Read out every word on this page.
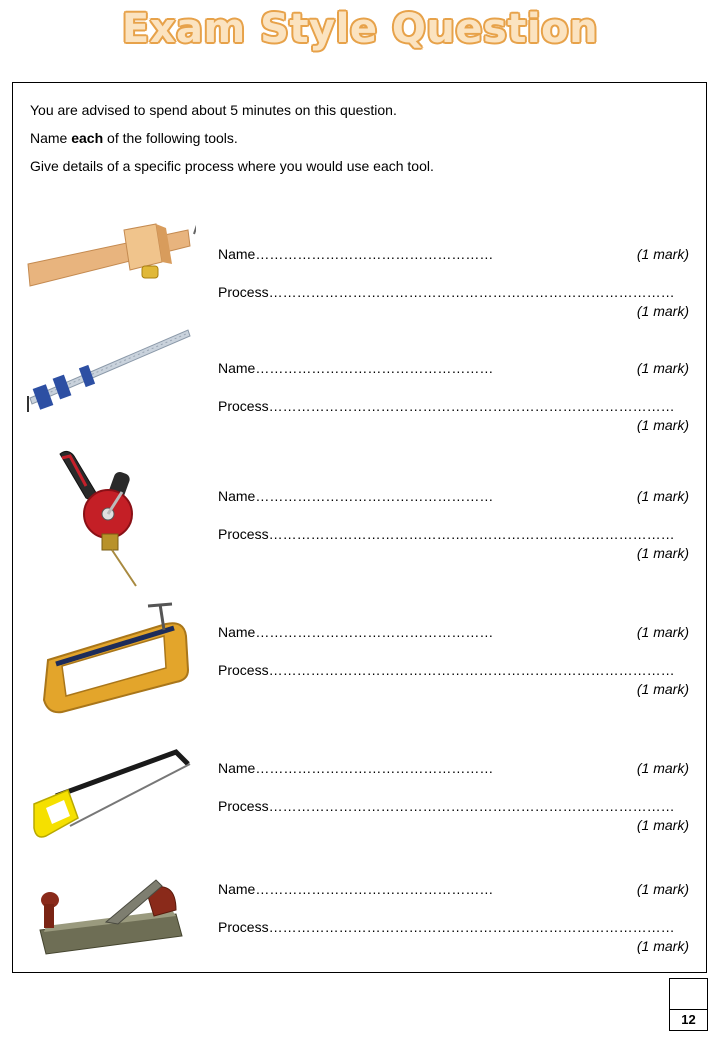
Exam Style Question
You are advised to spend about 5 minutes on this question.
Name each of the following tools.
Give details of a specific process where you would use each tool.
Name……………………………………………	(1 mark)
Process……………………………………………………………………………
(1 mark)
Name……………………………………………	(1 mark)
Process……………………………………………………………………………
(1 mark)
Name……………………………………………	(1 mark)
Process……………………………………………………………………………
(1 mark)
Name……………………………………………	(1 mark)
Process……………………………………………………………………………
(1 mark)
Name……………………………………………	(1 mark)
Process……………………………………………………………………………
(1 mark)
Name……………………………………………	(1 mark)
Process……………………………………………………………………………
(1 mark)
12
